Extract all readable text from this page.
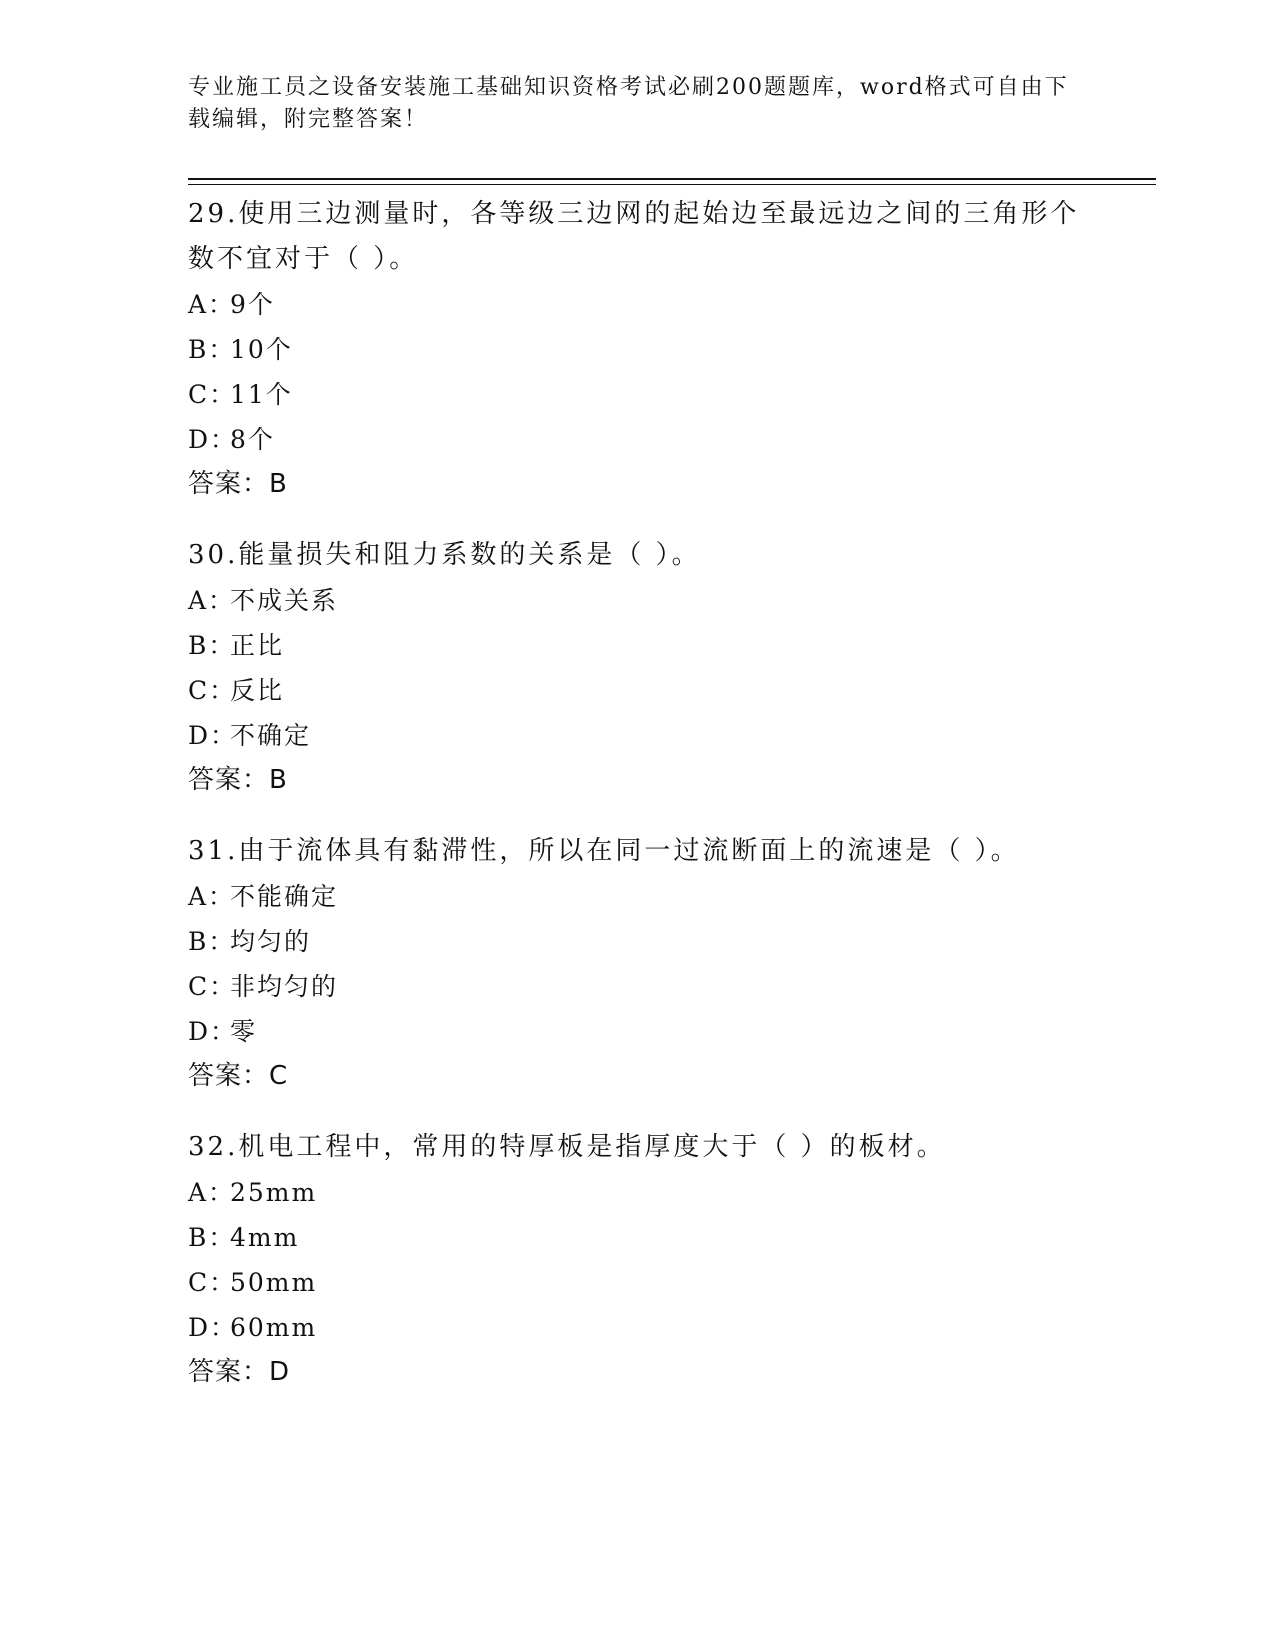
专业施工员之设备安装施工基础知识资格考试必刷200题题库，word格式可自由下载编辑，附完整答案！

29.使用三边测量时，各等级三边网的起始边至最远边之间的三角形个数不宜对于（ ）。

A：9个
B：10个
C：11个
D：8个
答案：B

30.能量损失和阻力系数的关系是（ ）。

A：不成关系
B：正比
C：反比
D：不确定
答案：B

31.由于流体具有黏滞性，所以在同一过流断面上的流速是（ ）。

A：不能确定
B：均匀的
C：非均匀的
D：零
答案：C

32.机电工程中，常用的特厚板是指厚度大于（ ）的板材。

A：25mm
B：4mm
C：50mm
D：60mm
答案：D
